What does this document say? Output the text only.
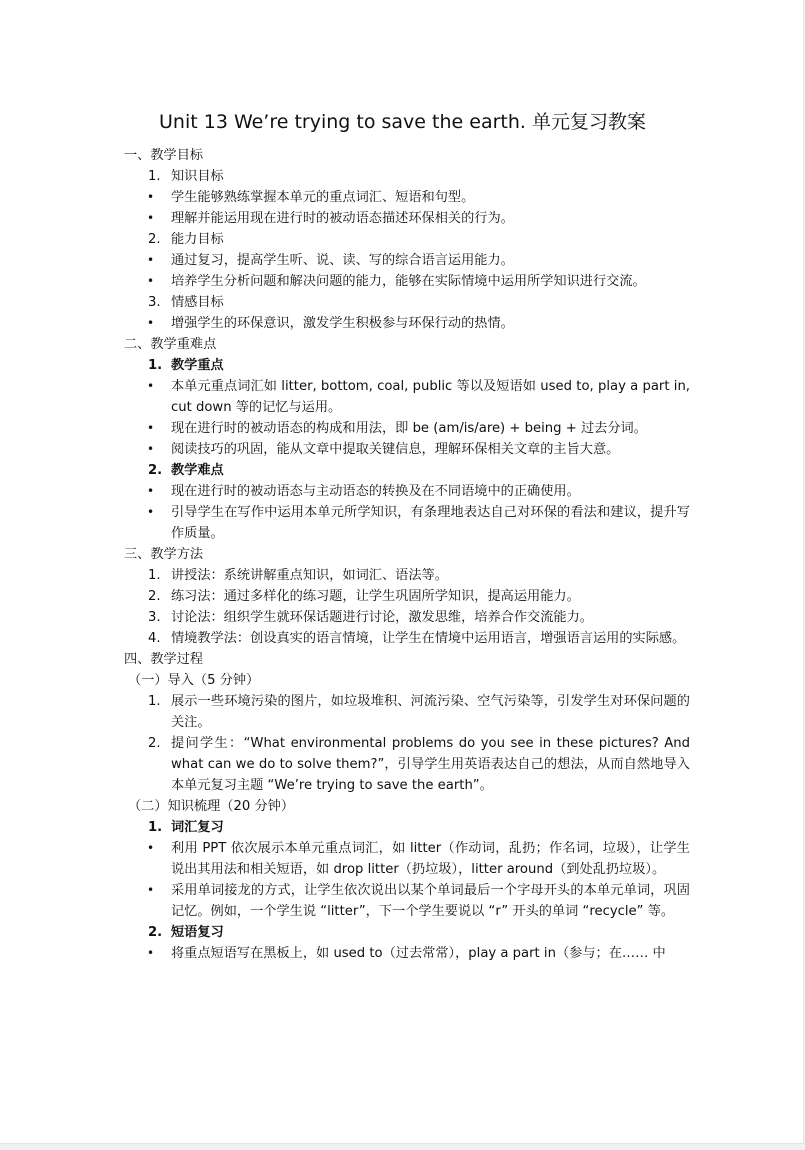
Unit 13 We’re trying to save the earth. 单元复习教案
一、教学目标
1. 知识目标
•	学生能够熟练掌握本单元的重点词汇、短语和句型。
•	理解并能运用现在进行时的被动语态描述环保相关的行为。
2. 能力目标
•	通过复习，提高学生听、说、读、写的综合语言运用能力。
•	培养学生分析问题和解决问题的能力，能够在实际情境中运用所学知识进行交流。
3. 情感目标
•	增强学生的环保意识，激发学生积极参与环保行动的热情。
二、教学重难点
1. 教学重点
•	本单元重点词汇如 litter, bottom, coal, public 等以及短语如 used to, play a part in, cut down 等的记忆与运用。
•	现在进行时的被动语态的构成和用法，即 be (am/is/are) + being + 过去分词。
•	阅读技巧的巩固，能从文章中提取关键信息，理解环保相关文章的主旨大意。
2. 教学难点
•	现在进行时的被动语态与主动语态的转换及在不同语境中的正确使用。
•	引导学生在写作中运用本单元所学知识，有条理地表达自己对环保的看法和建议，提升写作质量。
三、教学方法
1. 讲授法：系统讲解重点知识，如词汇、语法等。
2. 练习法：通过多样化的练习题，让学生巩固所学知识，提高运用能力。
3. 讨论法：组织学生就环保话题进行讨论，激发思维，培养合作交流能力。
4. 情境教学法：创设真实的语言情境，让学生在情境中运用语言，增强语言运用的实际感。
四、教学过程
（一）导入（5 分钟）
1. 展示一些环境污染的图片，如垃圾堆积、河流污染、空气污染等，引发学生对环保问题的关注。
2. 提问学生：“What environmental problems do you see in these pictures? And what can we do to solve them?”，引导学生用英语表达自己的想法，从而自然地导入本单元复习主题 “We’re trying to save the earth”。
（二）知识梳理（20 分钟）
1. 词汇复习
•	利用 PPT 依次展示本单元重点词汇，如 litter（作动词，乱扔；作名词，垃圾），让学生说出其用法和相关短语，如 drop litter（扔垃圾），litter around（到处乱扔垃圾）。
•	采用单词接龙的方式，让学生依次说出以某个单词最后一个字母开头的本单元单词，巩固记忆。例如，一个学生说 “litter”，下一个学生要说以 “r” 开头的单词 “recycle” 等。
2. 短语复习
•	将重点短语写在黑板上，如 used to（过去常常），play a part in（参与；在…… 中
